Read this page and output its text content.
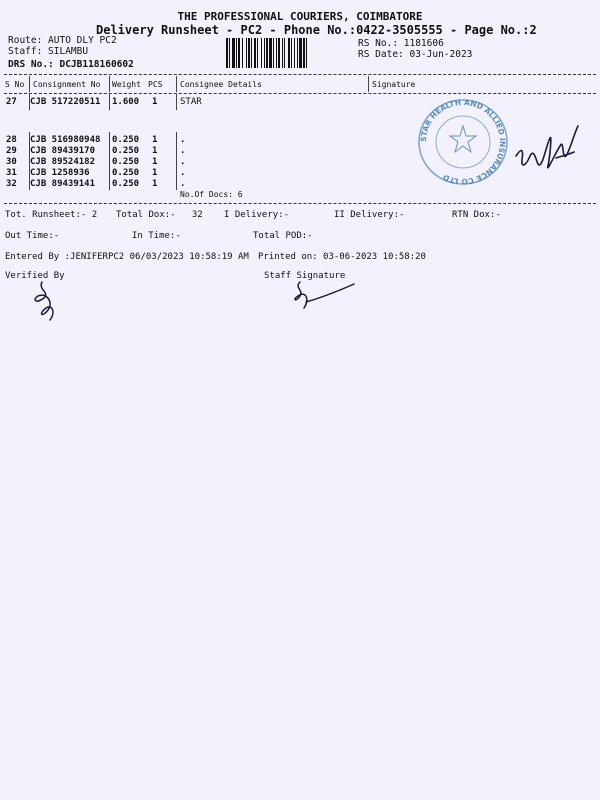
THE PROFESSIONAL COURIERS, COIMBATORE
Delivery Runsheet - PC2 - Phone No.:0422-3505555 - Page No.:2
Route: AUTO DLY PC2
Staff: SILAMBU
DRS No.: DCJB118160602
RS No.: 1181606
RS Date: 03-Jun-2023
S No Consignment No Weight PCS Consignee Details	Signature
27 CJB 517220511 1.600 1	STAR
28 CJB 516980948 0.250 1	.
29 CJB 89439170 0.250 1	.
30 CJB 89524182 0.250 1	.
31 CJB 1258936 0.250 1	.
32 CJB 89439141 0.250 1	.
No.Of Docs: 6
Tot. Runsheet:- 2 Total Dox:-   32 I Delivery:-	II Delivery:-	RTN Dox:-
Out Time:-	In Time:-	Total POD:-
Entered By :JENIFERPC2 06/03/2023 10:58:19 AM Printed on: 03-06-2023 10:58:20
Verified By	Staff Signature
STAR HEALTH AND ALLIED INSURANCE CO LTD
